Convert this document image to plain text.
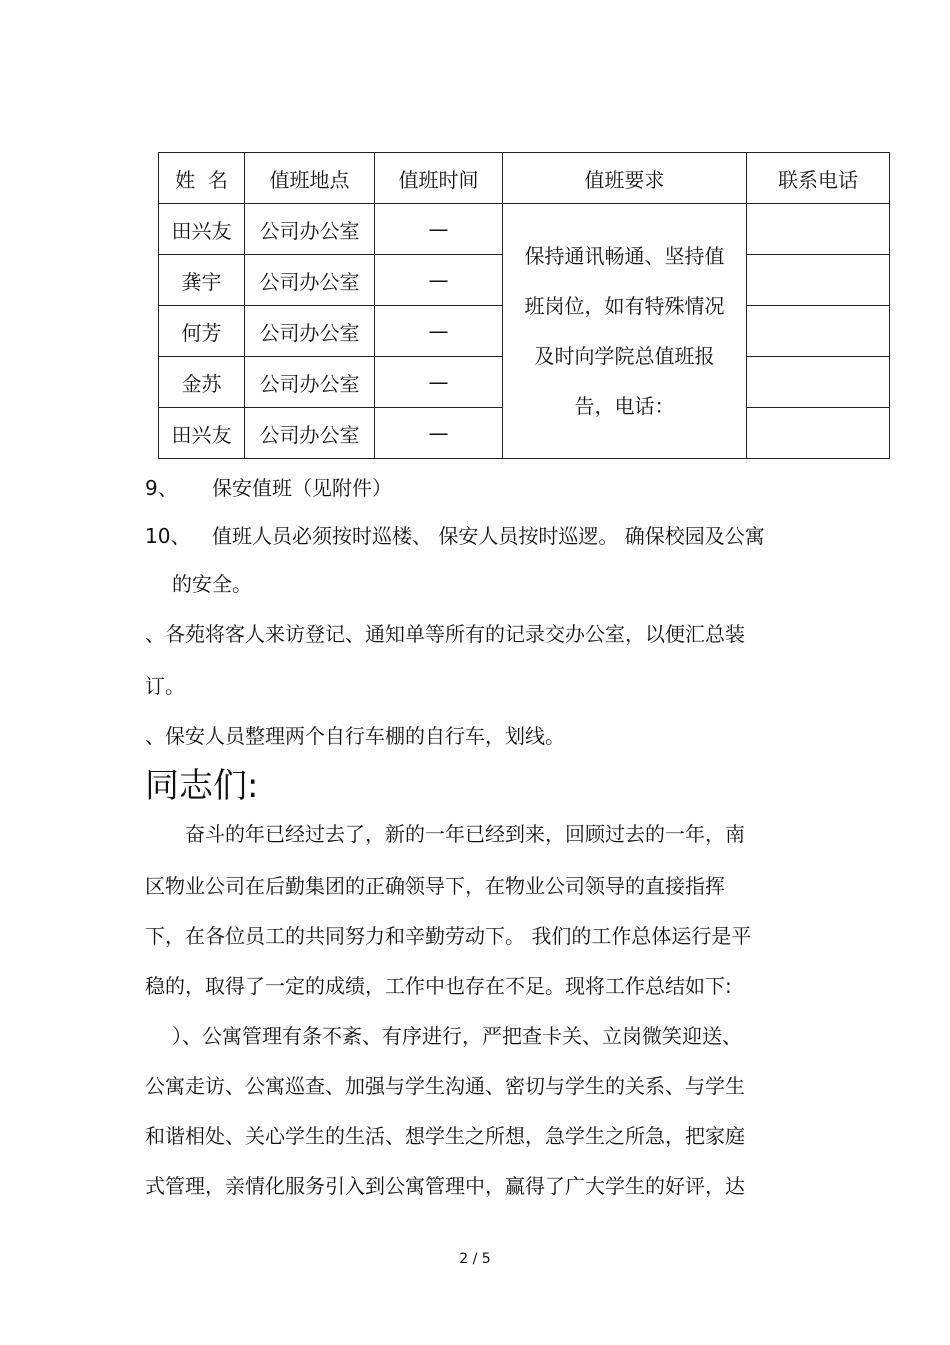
姓  名	值班地点	值班时间	值班要求	联系电话
田兴友	公司办公室	—	保持通讯畅通、坚持值班岗位，如有特殊情况及时向学院总值班报告，电话：	
龚宇	公司办公室	—		
何芳	公司办公室	—		
金苏	公司办公室	—		
田兴友	公司办公室	—		
9、 保安值班（见附件）
10、 值班人员必须按时巡楼、 保安人员按时巡逻。 确保校园及公寓
的安全。
、各苑将客人来访登记、通知单等所有的记录交办公室，以便汇总装
订。
、保安人员整理两个自行车棚的自行车，划线。
同志们:
奋斗的年已经过去了，新的一年已经到来，回顾过去的一年，南
区物业公司在后勤集团的正确领导下，在物业公司领导的直接指挥
下，在各位员工的共同努力和辛勤劳动下。 我们的工作总体运行是平
稳的，取得了一定的成绩，工作中也存在不足。现将工作总结如下:
）、公寓管理有条不紊、有序进行，严把查卡关、立岗微笑迎送、
公寓走访、公寓巡查、加强与学生沟通、密切与学生的关系、与学生
和谐相处、关心学生的生活、想学生之所想，急学生之所急，把家庭
式管理，亲情化服务引入到公寓管理中，赢得了广大学生的好评，达
2 / 5
